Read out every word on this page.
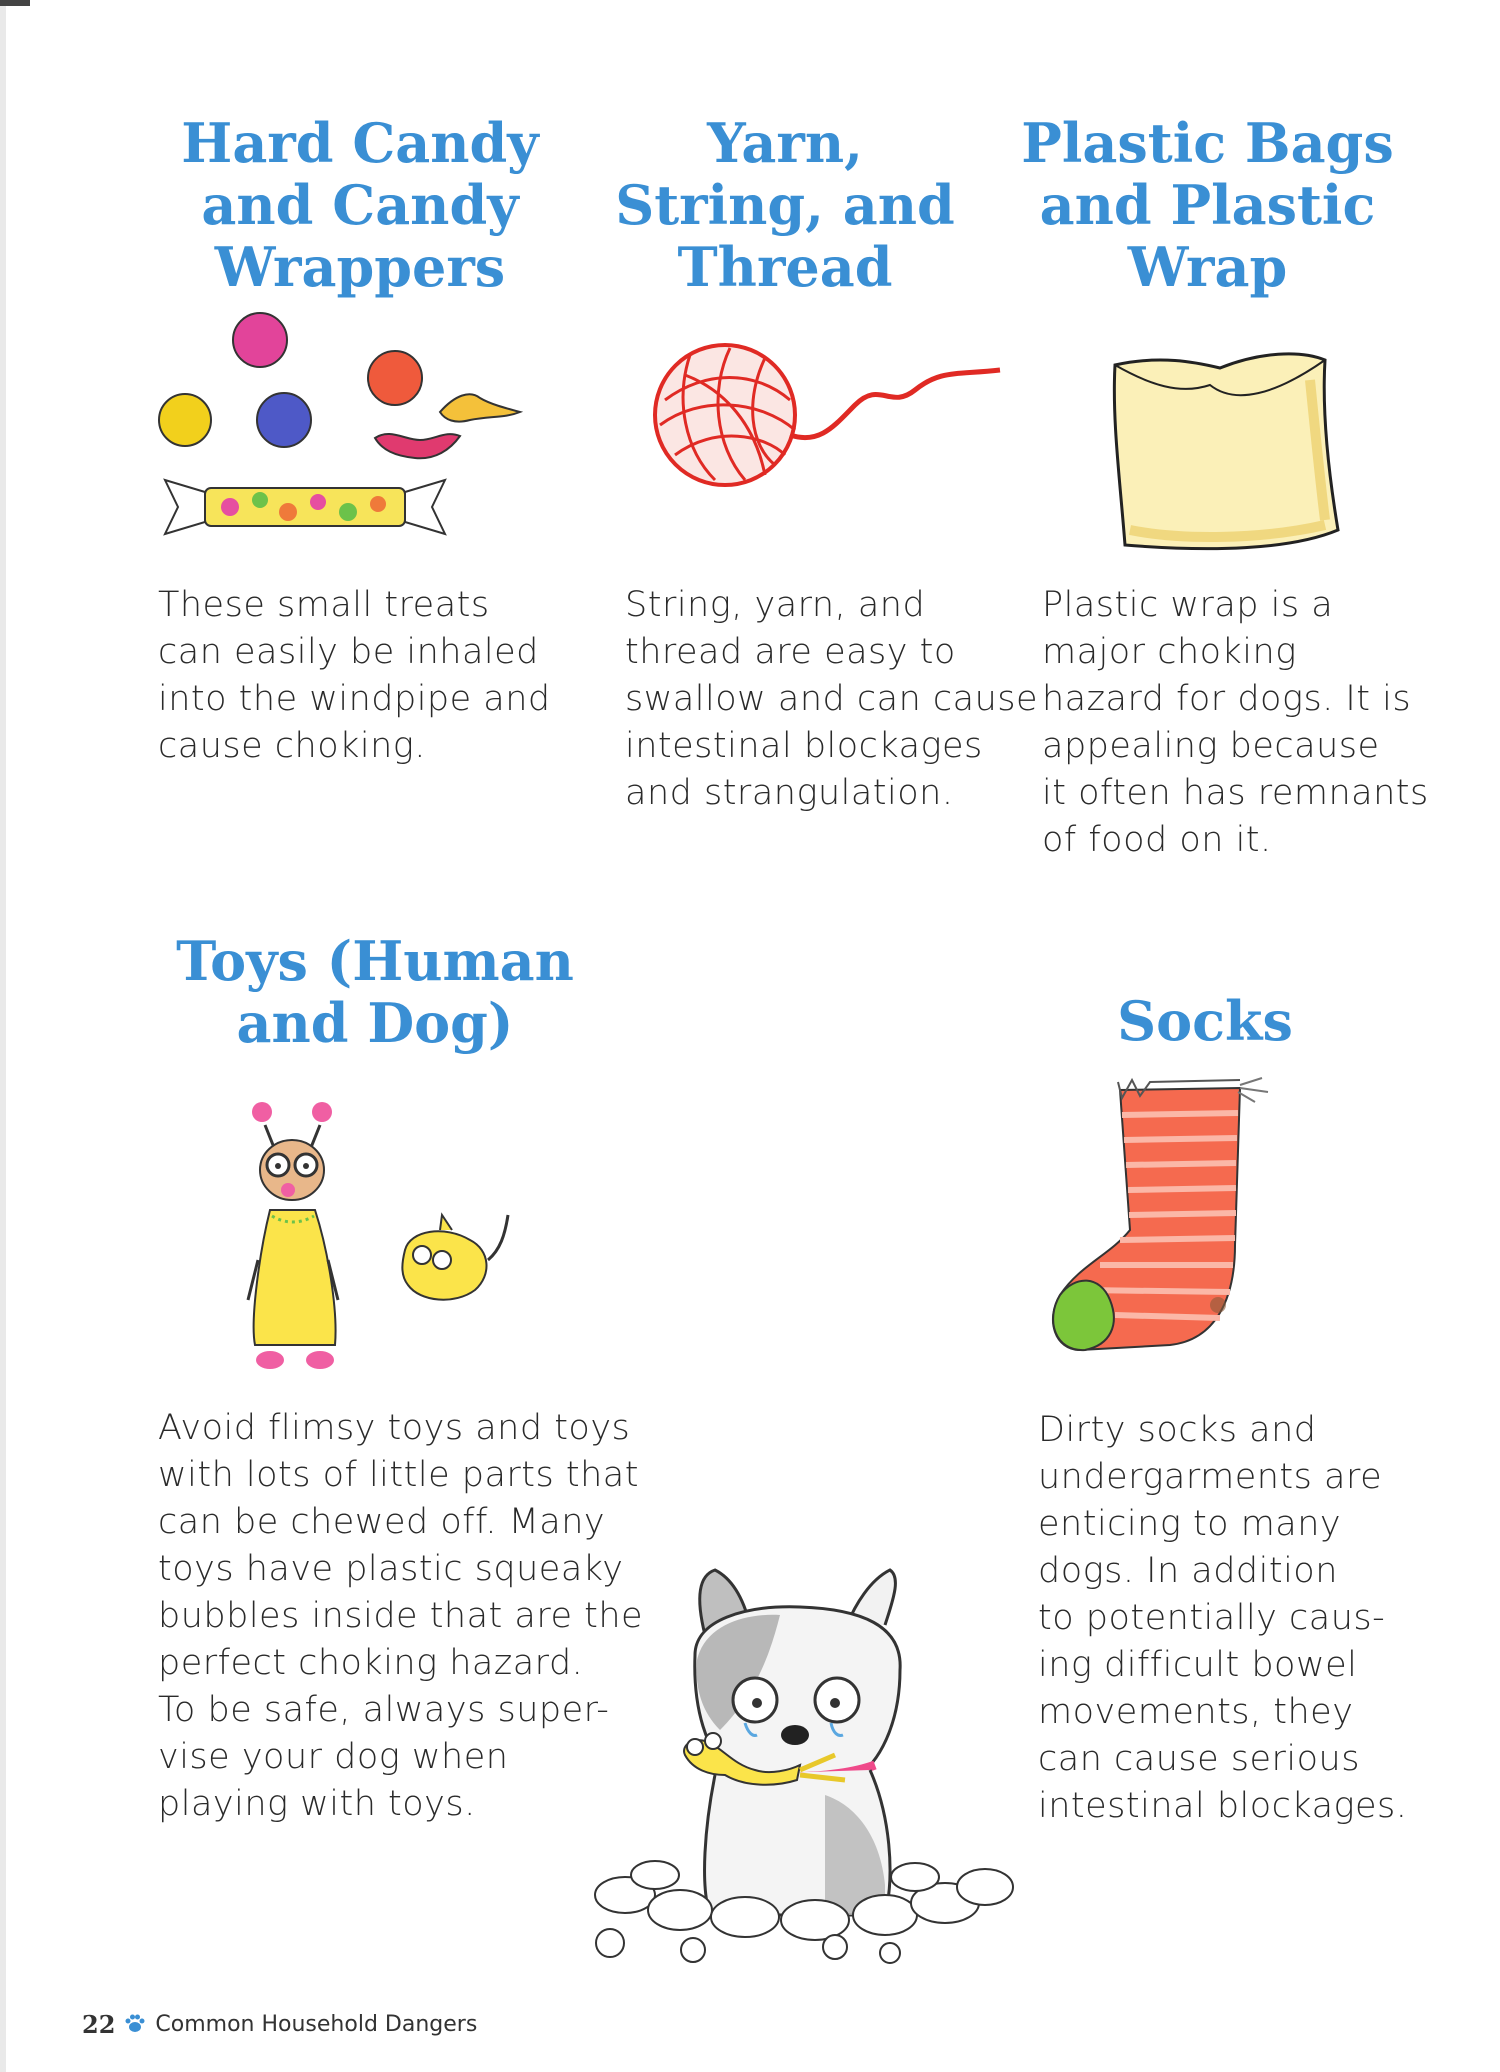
Hard Candy
and Candy
Wrappers
These small treats
can easily be inhaled
into the windpipe and
cause choking.
Yarn,
String, and
Thread
String, yarn, and
thread are easy to
swallow and can cause
intestinal blockages
and strangulation.
Plastic Bags
and Plastic
Wrap
Plastic wrap is a
major choking
hazard for dogs. It is
appealing because
it often has remnants
of food on it.
Toys (Human
and Dog)
Avoid flimsy toys and toys
with lots of little parts that
can be chewed off. Many
toys have plastic squeaky
bubbles inside that are the
perfect choking hazard.
To be safe, always super-
vise your dog when
playing with toys.
Socks
Dirty socks and
undergarments are
enticing to many
dogs. In addition
to potentially caus-
ing difficult bowel
movements, they
can cause serious
intestinal blockages.
22 Common Household Dangers
